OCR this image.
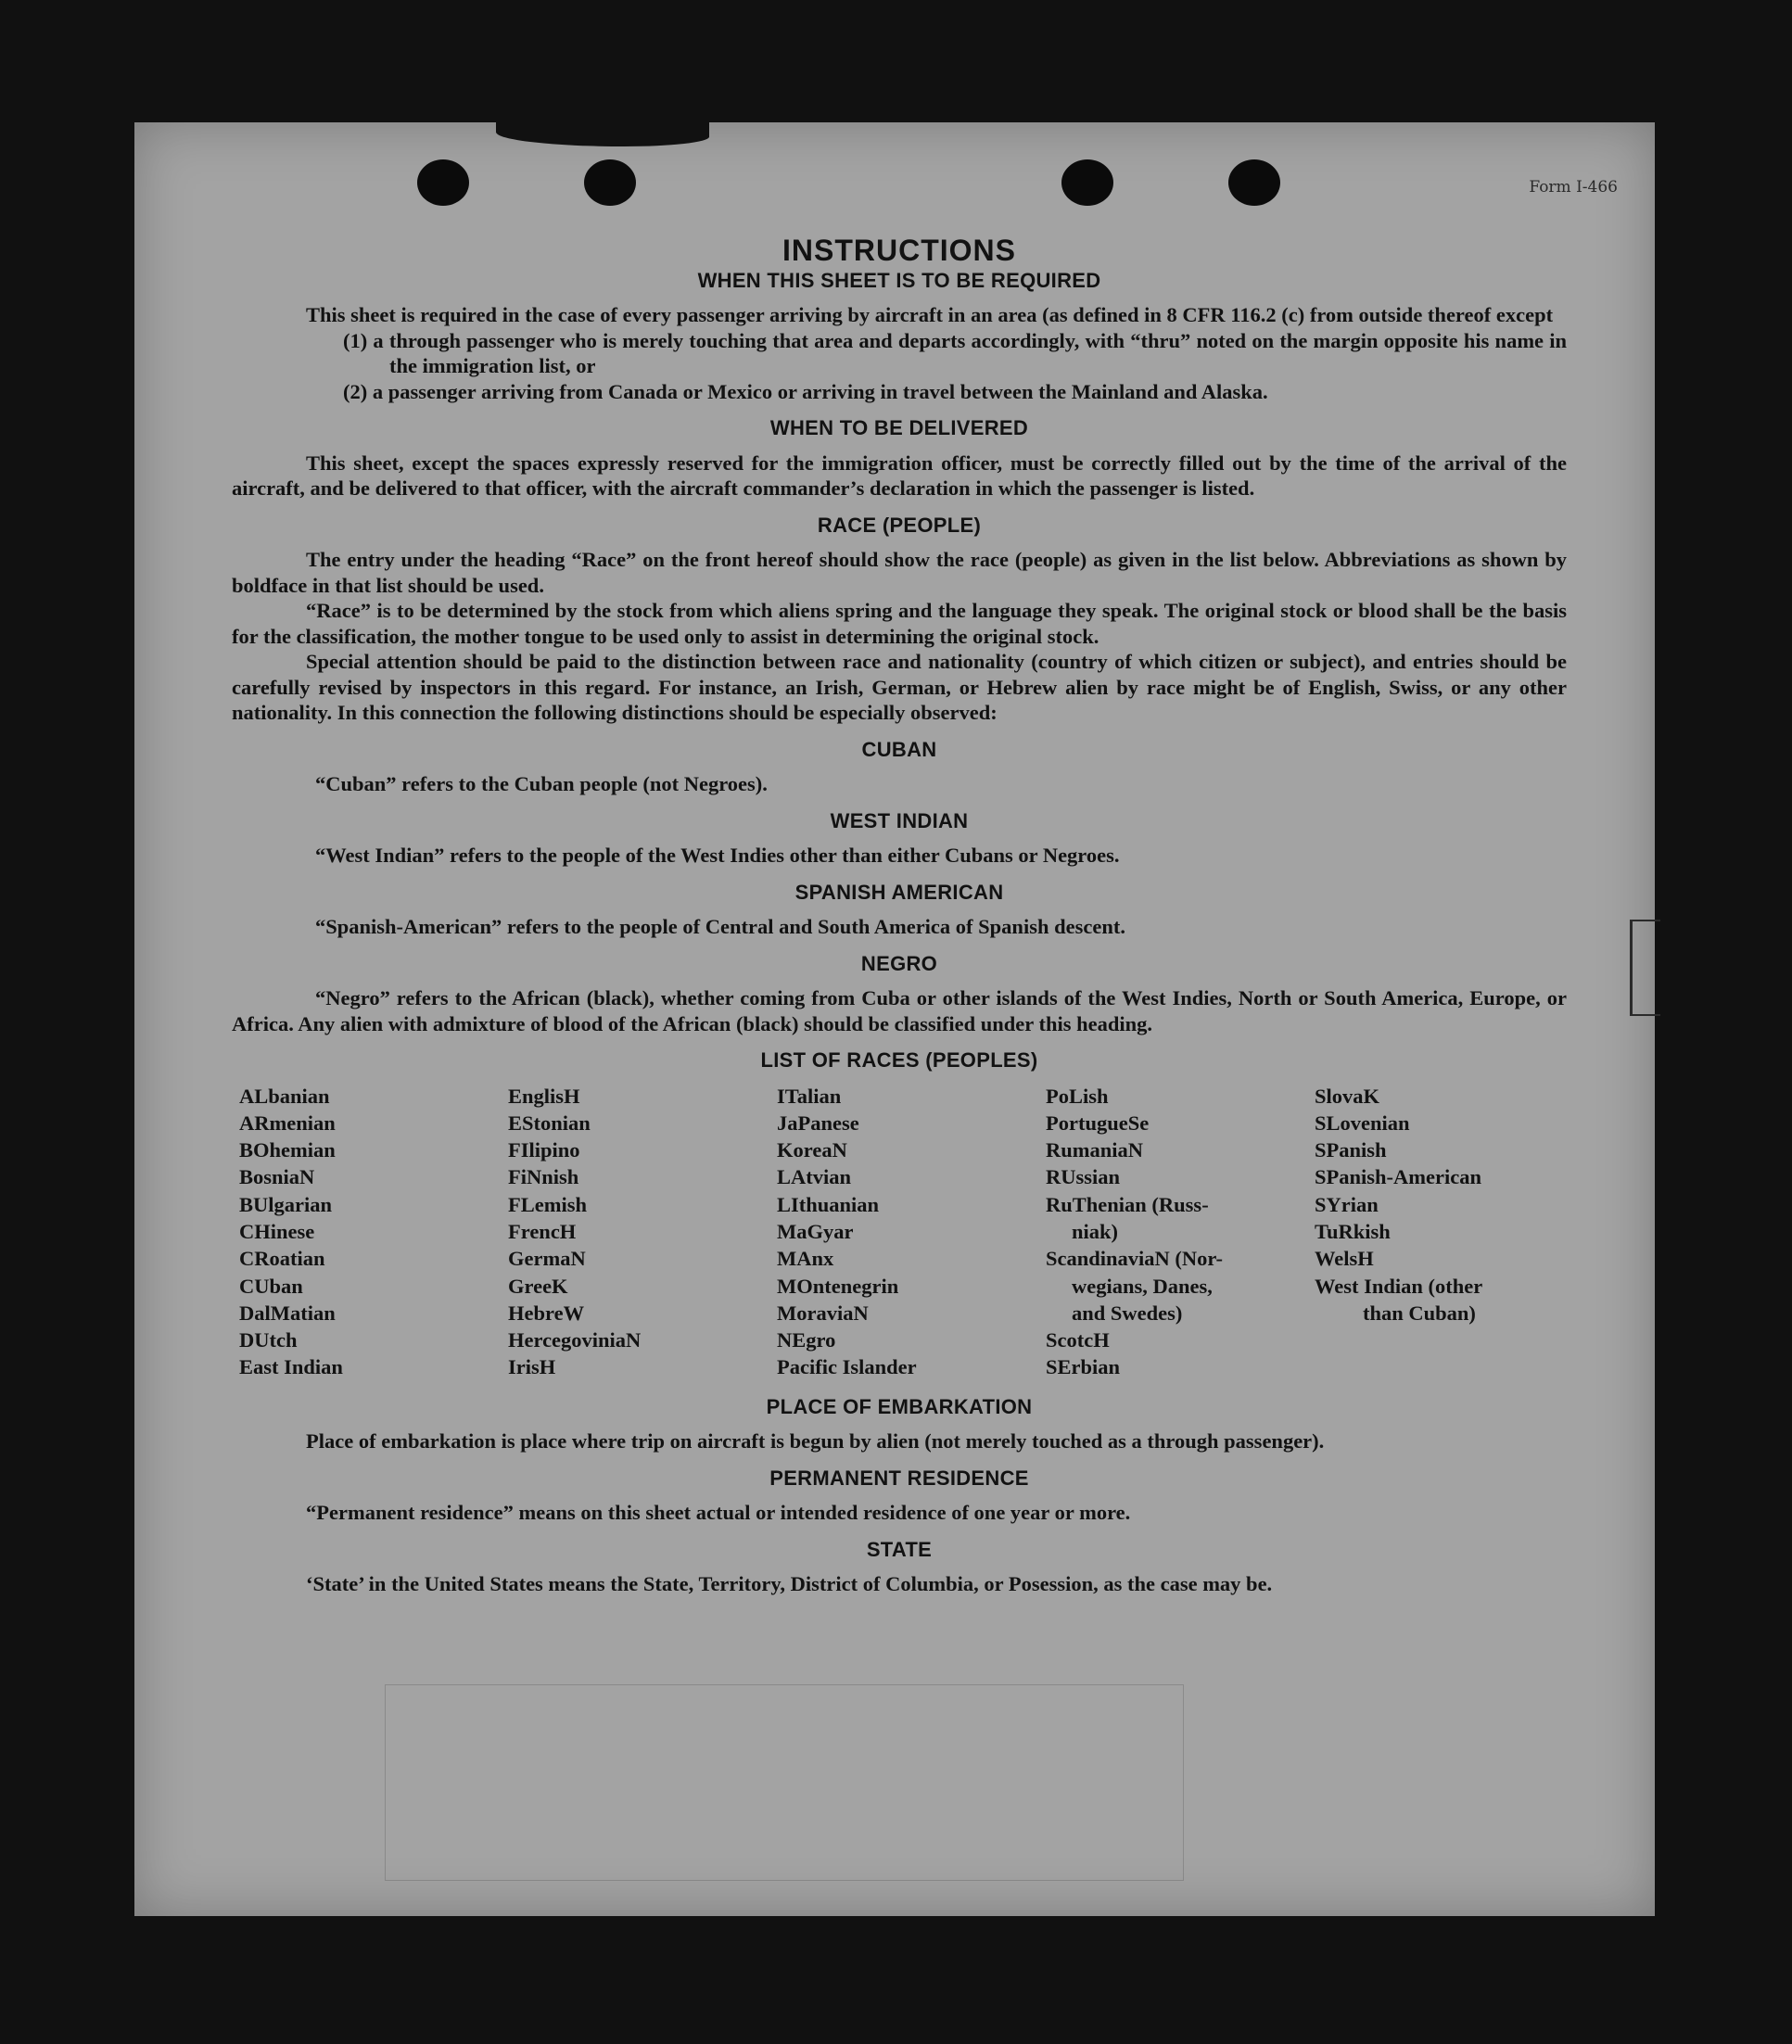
Form I-466
INSTRUCTIONS
WHEN THIS SHEET IS TO BE REQUIRED

This sheet is required in the case of every passenger arriving by aircraft in an area (as defined in 8 CFR 116.2 (c) from outside thereof except

(1) a through passenger who is merely touching that area and departs accordingly, with “thru” noted on the margin opposite his name in the immigration list, or

(2) a passenger arriving from Canada or Mexico or arriving in travel between the Mainland and Alaska.

WHEN TO BE DELIVERED

This sheet, except the spaces expressly reserved for the immigration officer, must be correctly filled out by the time of the arrival of the aircraft, and be delivered to that officer, with the aircraft commander’s declaration in which the passenger is listed.

RACE (PEOPLE)

The entry under the heading “Race” on the front hereof should show the race (people) as given in the list below. Abbreviations as shown by boldface in that list should be used.

“Race” is to be determined by the stock from which aliens spring and the language they speak. The original stock or blood shall be the basis for the classification, the mother tongue to be used only to assist in determining the original stock.

Special attention should be paid to the distinction between race and nationality (country of which citizen or subject), and entries should be carefully revised by inspectors in this regard. For instance, an Irish, German, or Hebrew alien by race might be of English, Swiss, or any other nationality. In this connection the following distinctions should be especially observed:

CUBAN

“Cuban” refers to the Cuban people (not Negroes).

WEST INDIAN

“West Indian” refers to the people of the West Indies other than either Cubans or Negroes.

SPANISH AMERICAN

“Spanish-American” refers to the people of Central and South America of Spanish descent.

NEGRO

“Negro” refers to the African (black), whether coming from Cuba or other islands of the West Indies, North or South America, Europe, or Africa. Any alien with admixture of blood of the African (black) should be classified under this heading.

LIST OF RACES (PEOPLES)
ALbanian
ARmenian
BOhemian
BosniaN
BUlgarian
CHinese
CRoatian
CUban
DalMatian
DUtch
East Indian
EnglisH
EStonian
FIlipino
FiNnish
FLemish
FrencH
GermaN
GreeK
HebreW
HercegoviniaN
IrisH
ITalian
JaPanese
KoreaN
LAtvian
LIthuanian
MaGyar
MAnx
MOntenegrin
MoraviaN
NEgro
Pacific Islander
PoLish
PortugueSe
RumaniaN
RUssian
RuThenian (Russ-
niak)
ScandinaviaN (Nor-
wegians, Danes,
and Swedes)
ScotcH
SErbian
SlovaK
SLovenian
SPanish
SPanish-American
SYrian
TuRkish
WelsH
West Indian (other
than Cuban)
PLACE OF EMBARKATION

Place of embarkation is place where trip on aircraft is begun by alien (not merely touched as a through passenger).

PERMANENT RESIDENCE

“Permanent residence” means on this sheet actual or intended residence of one year or more.

STATE

‘State’ in the United States means the State, Territory, District of Columbia, or Posession, as the case may be.
